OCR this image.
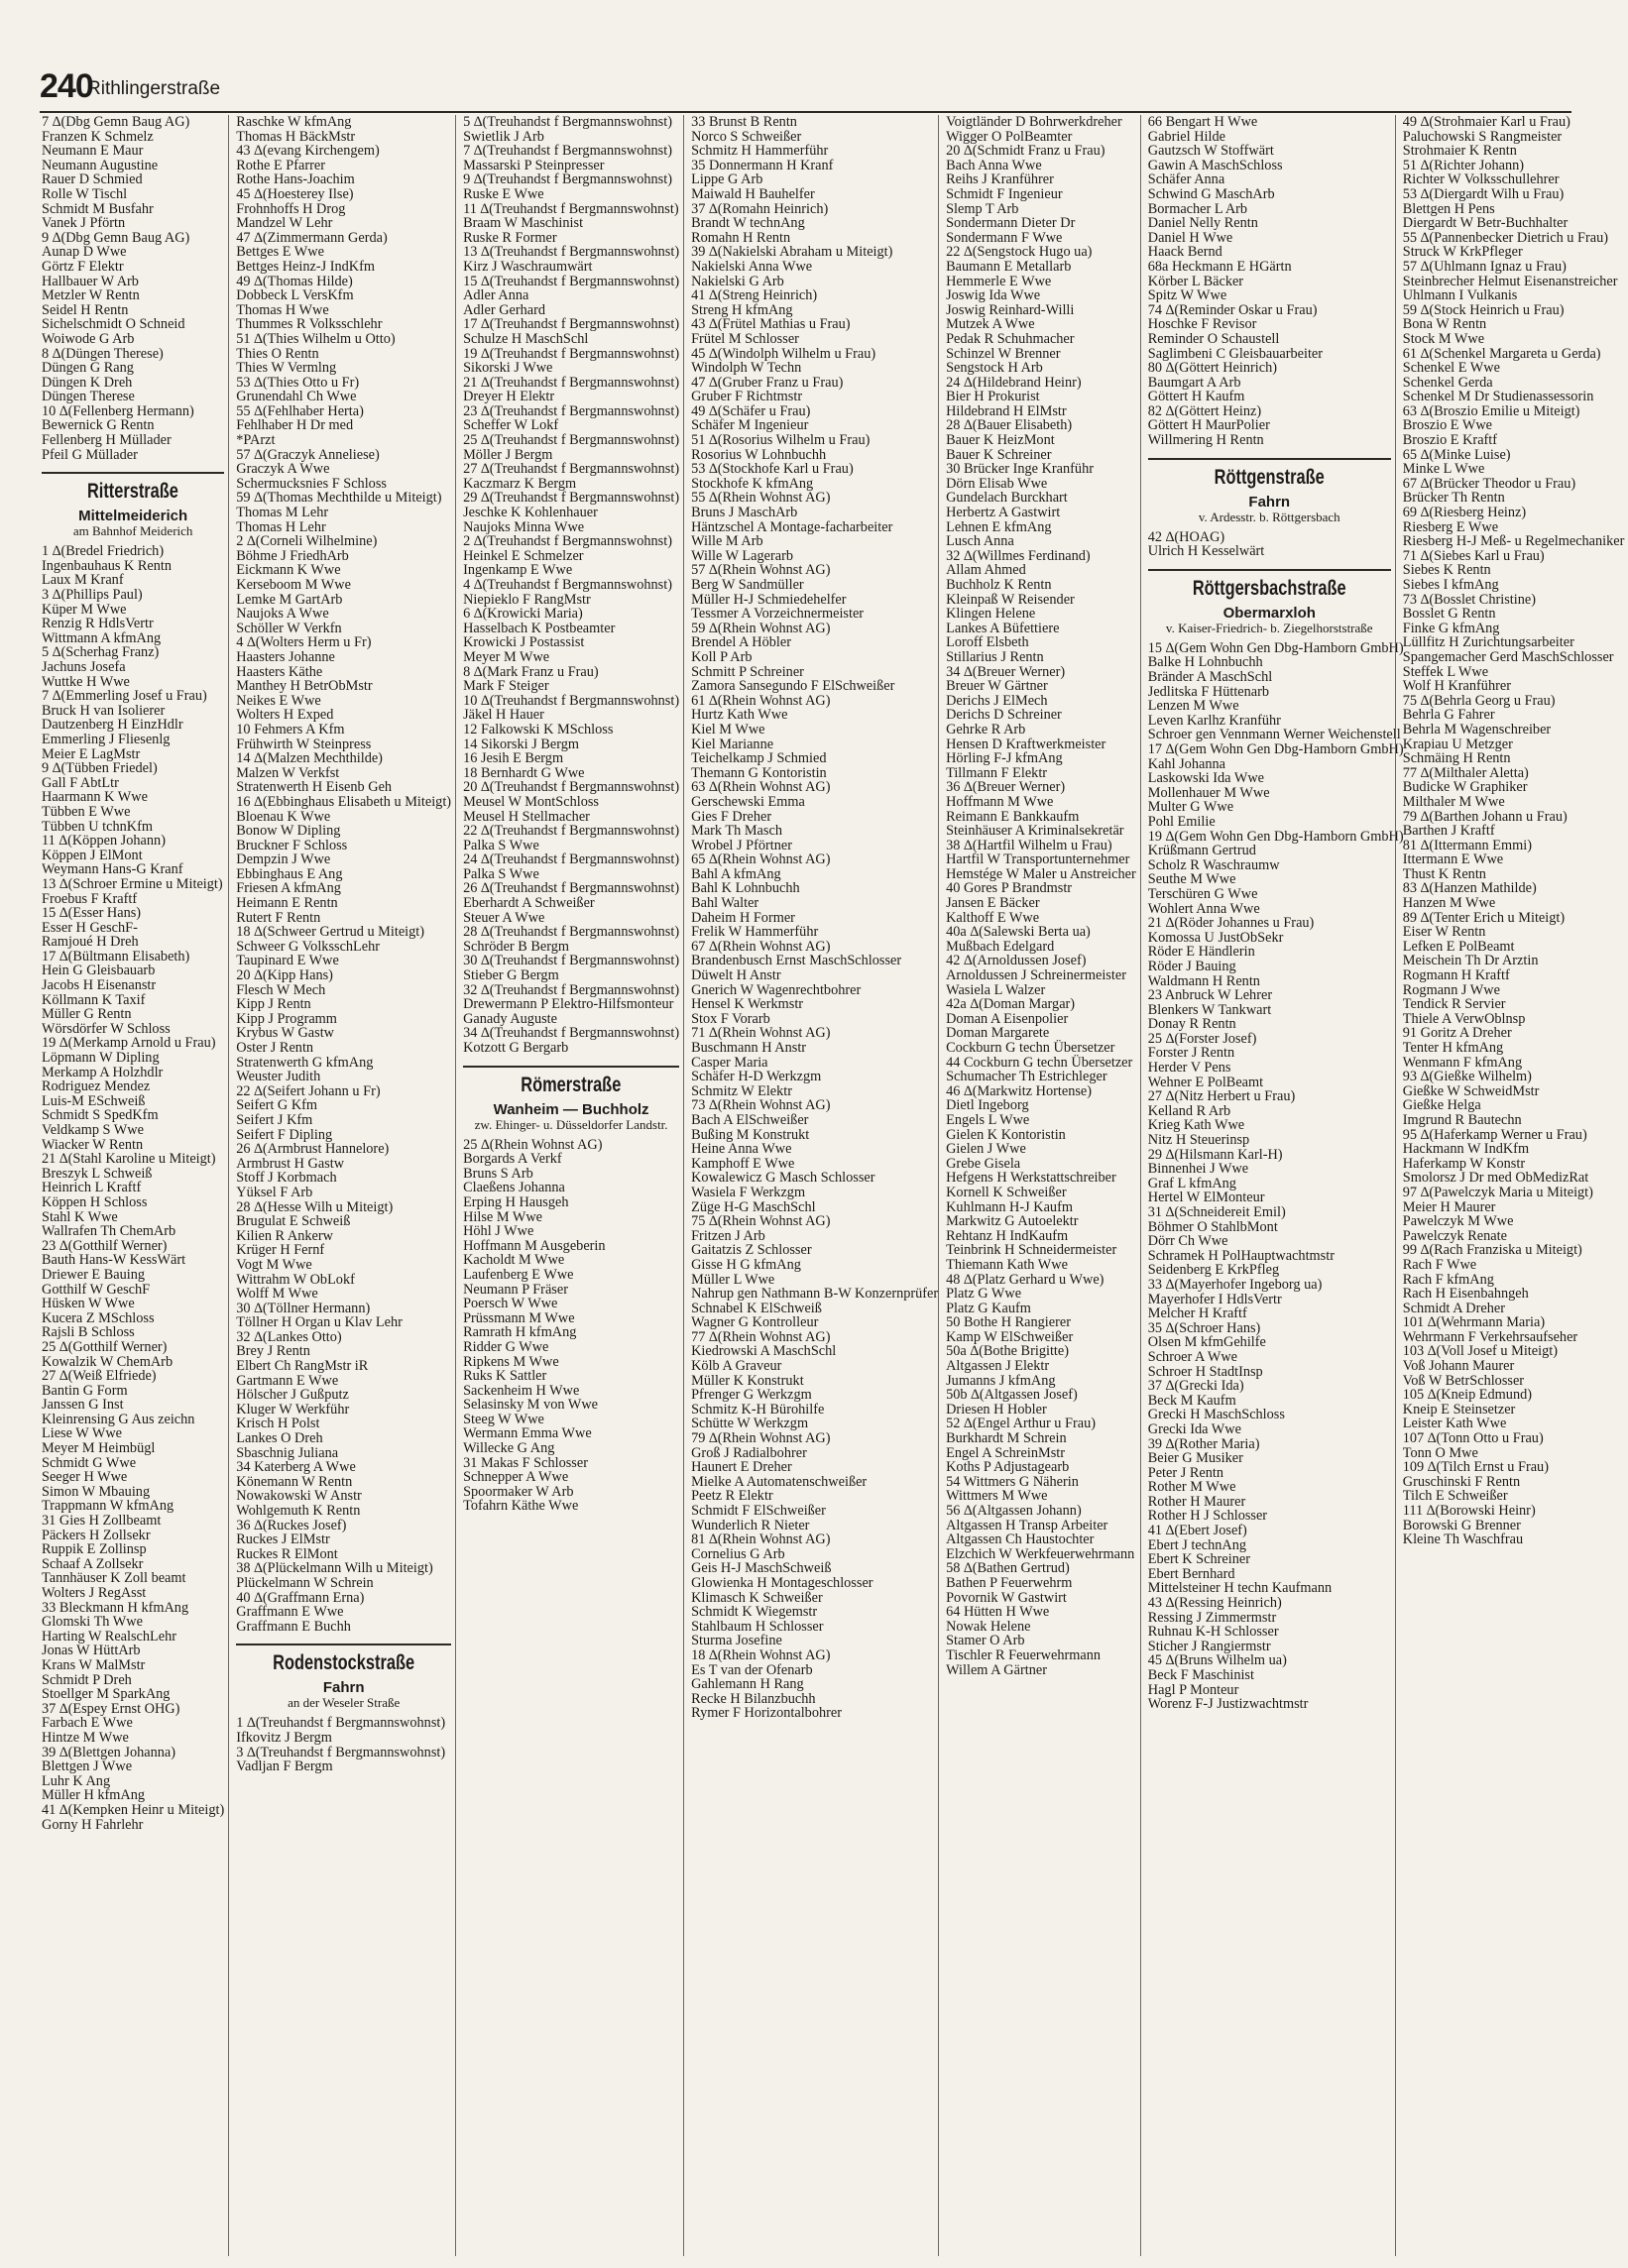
240
Rithlingerstraße
7 ∆(Dbg Gemn Baug AG)
Franzen K Schmelz
Neumann E Maur
Neumann Augustine
Rauer D Schmied
Rolle W Tischl
Schmidt M Busfahr
Vanek J Pförtn
9 ∆(Dbg Gemn Baug AG)
Aunap D Wwe
Görtz F Elektr
Hallbauer W Arb
Metzler W Rentn
Seidel H Rentn
Sichelschmidt O Schneid
Woiwode G Arb
8 ∆(Düngen Therese)
Düngen G Rang
Düngen K Dreh
Düngen Therese
10 ∆(Fellenberg Hermann)
Bewernick G Rentn
Fellenberg H Müllader
Pfeil G Müllader
Ritterstraße
Mittelmeiderich
am Bahnhof Meiderich
1 ∆(Bredel Friedrich)
Ingenbauhaus K Rentn
Laux M Kranf
3 ∆(Phillips Paul)
Küper M Wwe
Renzig R HdlsVertr
Wittmann A kfmAng
5 ∆(Scherhag Franz)
Jachuns Josefa
Wuttke H Wwe
7 ∆(Emmerling Josef u Frau)
Bruck H van Isolierer
Dautzenberg H EinzHdlr
Emmerling J Fliesenlg
Meier E LagMstr
9 ∆(Tübben Friedel)
Gall F AbtLtr
Haarmann K Wwe
Tübben E Wwe
Tübben U tchnKfm
11 ∆(Köppen Johann)
Köppen J ElMont
Weymann Hans-G Kranf
13 ∆(Schroer Ermine u Miteigt)
Froebus F Kraftf
15 ∆(Esser Hans)
Esser H GeschF-
Ramjoué H Dreh
17 ∆(Bültmann Elisabeth)
Hein G Gleisbauarb
Jacobs H Eisenanstr
Köllmann K Taxif
Müller G Rentn
Wörsdörfer W Schloss
19 ∆(Merkamp Arnold u Frau)
Löpmann W Dipling
Merkamp A Holzhdlr
Rodriguez Mendez
Luis-M ESchweiß
Schmidt S SpedKfm
Veldkamp S Wwe
Wiacker W Rentn
21 ∆(Stahl Karoline u Miteigt)
Breszyk L Schweiß
Heinrich L Kraftf
Köppen H Schloss
Stahl K Wwe
Wallrafen Th ChemArb
23 ∆(Gotthilf Werner)
Bauth Hans-W KessWärt
Driewer E Bauing
Gotthilf W GeschF
Hüsken W Wwe
Kucera Z MSchloss
Rajsli B Schloss
25 ∆(Gotthilf Werner)
Kowalzik W ChemArb
27 ∆(Weiß Elfriede)
Bantin G Form
Janssen G Inst
Kleinrensing G Aus zeichn
Liese W Wwe
Meyer M Heimbügl
Schmidt G Wwe
Seeger H Wwe
Simon W Mbauing
Trappmann W kfmAng
31 Gies H Zollbeamt
Päckers H Zollsekr
Ruppik E Zollinsp
Schaaf A Zollsekr
Tannhäuser K Zoll beamt
Wolters J RegAsst
33 Bleckmann H kfmAng
Glomski Th Wwe
Harting W RealschLehr
Jonas W HüttArb
Krans W MalMstr
Schmidt P Dreh
Stoellger M SparkAng
37 ∆(Espey Ernst OHG)
Farbach E Wwe
Hintze M Wwe
39 ∆(Blettgen Johanna)
Blettgen J Wwe
Luhr K Ang
Müller H kfmAng
41 ∆(Kempken Heinr u Miteigt)
Gorny H Fahrlehr
Raschke W kfmAng
Thomas H BäckMstr
43 ∆(evang Kirchengem)
Rothe E Pfarrer
Rothe Hans-Joachim
45 ∆(Hoesterey Ilse)
Frohnhoffs H Drog
Mandzel W Lehr
47 ∆(Zimmermann Gerda)
Bettges E Wwe
Bettges Heinz-J IndKfm
49 ∆(Thomas Hilde)
Dobbeck L VersKfm
Thomas H Wwe
Thummes R Volksschlehr
51 ∆(Thies Wilhelm u Otto)
Thies O Rentn
Thies W Vermlng
53 ∆(Thies Otto u Fr)
Grunendahl Ch Wwe
55 ∆(Fehlhaber Herta)
Fehlhaber H Dr med
*PArzt
57 ∆(Graczyk Anneliese)
Graczyk A Wwe
Schermucksnies F Schloss
59 ∆(Thomas Mechthilde u Miteigt)
Thomas M Lehr
Thomas H Lehr
2 ∆(Corneli Wilhelmine)
Böhme J FriedhArb
Eickmann K Wwe
Kerseboom M Wwe
Lemke M GartArb
Naujoks A Wwe
Schöller W Verkfn
4 ∆(Wolters Herm u Fr)
Haasters Johanne
Haasters Käthe
Manthey H BetrObMstr
Neikes E Wwe
Wolters H Exped
10 Fehmers A Kfm
Frühwirth W Steinpress
14 ∆(Malzen Mechthilde)
Malzen W Verkfst
Stratenwerth H Eisenb Geh
16 ∆(Ebbinghaus Elisabeth u Miteigt)
Bloenau K Wwe
Bonow W Dipling
Bruckner F Schloss
Dempzin J Wwe
Ebbinghaus E Ang
Friesen A kfmAng
Heimann E Rentn
Rutert F Rentn
18 ∆(Schweer Gertrud u Miteigt)
Schweer G VolksschLehr
Taupinard E Wwe
20 ∆(Kipp Hans)
Flesch W Mech
Kipp J Rentn
Kipp J Programm
Krybus W Gastw
Oster J Rentn
Stratenwerth G kfmAng
Weuster Judith
22 ∆(Seifert Johann u Fr)
Seifert G Kfm
Seifert J Kfm
Seifert F Dipling
26 ∆(Armbrust Hannelore)
Armbrust H Gastw
Stoff J Korbmach
Yüksel F Arb
28 ∆(Hesse Wilh u Miteigt)
Brugulat E Schweiß
Kilien R Ankerw
Krüger H Fernf
Vogt M Wwe
Wittrahm W ObLokf
Wolff M Wwe
30 ∆(Töllner Hermann)
Töllner H Organ u Klav Lehr
32 ∆(Lankes Otto)
Brey J Rentn
Elbert Ch RangMstr iR
Gartmann E Wwe
Hölscher J Gußputz
Kluger W Werkführ
Krisch H Polst
Lankes O Dreh
Sbaschnig Juliana
34 Katerberg A Wwe
Könemann W Rentn
Nowakowski W Anstr
Wohlgemuth K Rentn
36 ∆(Ruckes Josef)
Ruckes J ElMstr
Ruckes R ElMont
38 ∆(Plückelmann Wilh u Miteigt)
Plückelmann W Schrein
40 ∆(Graffmann Erna)
Graffmann E Wwe
Graffmann E Buchh
Rodenstockstraße
Fahrn
an der Weseler Straße
1 ∆(Treuhandst f Bergmannswohnst)
Ifkovitz J Bergm
3 ∆(Treuhandst f Bergmannswohnst)
Vadljan F Bergm
5 ∆(Treuhandst f Bergmannswohnst)
Swietlik J Arb
7 ∆(Treuhandst f Bergmannswohnst)
Massarski P Steinpresser
9 ∆(Treuhandst f Bergmannswohnst)
Ruske E Wwe
11 ∆(Treuhandst f Bergmannswohnst)
Braam W Maschinist
Ruske R Former
13 ∆(Treuhandst f Bergmannswohnst)
Kirz J Waschraumwärt
15 ∆(Treuhandst f Bergmannswohnst)
Adler Anna
Adler Gerhard
17 ∆(Treuhandst f Bergmannswohnst)
Schulze H MaschSchl
19 ∆(Treuhandst f Bergmannswohnst)
Sikorski J Wwe
21 ∆(Treuhandst f Bergmannswohnst)
Dreyer H Elektr
23 ∆(Treuhandst f Bergmannswohnst)
Scheffer W Lokf
25 ∆(Treuhandst f Bergmannswohnst)
Möller J Bergm
27 ∆(Treuhandst f Bergmannswohnst)
Kaczmarz K Bergm
29 ∆(Treuhandst f Bergmannswohnst)
Jeschke K Kohlenhauer
Naujoks Minna Wwe
2 ∆(Treuhandst f Bergmannswohnst)
Heinkel E Schmelzer
Ingenkamp E Wwe
4 ∆(Treuhandst f Bergmannswohnst)
Niepieklo F RangMstr
6 ∆(Krowicki Maria)
Hasselbach K Postbeamter
Krowicki J Postassist
Meyer M Wwe
8 ∆(Mark Franz u Frau)
Mark F Steiger
10 ∆(Treuhandst f Bergmannswohnst)
Jäkel H Hauer
12 Falkowski K MSchloss
14 Sikorski J Bergm
16 Jesih E Bergm
18 Bernhardt G Wwe
20 ∆(Treuhandst f Bergmannswohnst)
Meusel W MontSchloss
Meusel H Stellmacher
22 ∆(Treuhandst f Bergmannswohnst)
Palka S Wwe
24 ∆(Treuhandst f Bergmannswohnst)
Palka S Wwe
26 ∆(Treuhandst f Bergmannswohnst)
Eberhardt A Schweißer
Steuer A Wwe
28 ∆(Treuhandst f Bergmannswohnst)
Schröder B Bergm
30 ∆(Treuhandst f Bergmannswohnst)
Stieber G Bergm
32 ∆(Treuhandst f Bergmannswohnst)
Drewermann P Elektro-Hilfsmonteur
Ganady Auguste
34 ∆(Treuhandst f Bergmannswohnst)
Kotzott G Bergarb
Römerstraße
Wanheim — Buchholz
zw. Ehinger- u. Düsseldorfer Landstr.
25 ∆(Rhein Wohnst AG)
Borgards A Verkf
Bruns S Arb
Claeßens Johanna
Erping H Hausgeh
Hilse M Wwe
Höhl J Wwe
Hoffmann M Ausgeberin
Kacholdt M Wwe
Laufenberg E Wwe
Neumann P Fräser
Poersch W Wwe
Prüssmann M Wwe
Ramrath H kfmAng
Ridder G Wwe
Ripkens M Wwe
Ruks K Sattler
Sackenheim H Wwe
Selasinsky M von Wwe
Steeg W Wwe
Wermann Emma Wwe
Willecke G Ang
31 Makas F Schlosser
Schnepper A Wwe
Spoormaker W Arb
Tofahrn Käthe Wwe
33 Brunst B Rentn
Norco S Schweißer
Schmitz H Hammerführ
35 Donnermann H Kranf
Lippe G Arb
Maiwald H Bauhelfer
37 ∆(Romahn Heinrich)
Brandt W technAng
Romahn H Rentn
39 ∆(Nakielski Abraham u Miteigt)
Nakielski Anna Wwe
Nakielski G Arb
41 ∆(Streng Heinrich)
Streng H kfmAng
43 ∆(Frütel Mathias u Frau)
Frütel M Schlosser
45 ∆(Windolph Wilhelm u Frau)
Windolph W Techn
47 ∆(Gruber Franz u Frau)
Gruber F Richtmstr
49 ∆(Schäfer u Frau)
Schäfer M Ingenieur
51 ∆(Rosorius Wilhelm u Frau)
Rosorius W Lohnbuchh
53 ∆(Stockhofe Karl u Frau)
Stockhofe K kfmAng
55 ∆(Rhein Wohnst AG)
Bruns J MaschArb
Häntzschel A Montage-facharbeiter
Wille M Arb
Wille W Lagerarb
57 ∆(Rhein Wohnst AG)
Berg W Sandmüller
Müller H-J Schmiedehelfer
Tessmer A Vorzeichnermeister
59 ∆(Rhein Wohnst AG)
Brendel A Höbler
Koll P Arb
Schmitt P Schreiner
Zamora Sansegundo F ElSchweißer
61 ∆(Rhein Wohnst AG)
Hurtz Kath Wwe
Kiel M Wwe
Kiel Marianne
Teichelkamp J Schmied
Themann G Kontoristin
63 ∆(Rhein Wohnst AG)
Gerschewski Emma
Gies F Dreher
Mark Th Masch
Wrobel J Pförtner
65 ∆(Rhein Wohnst AG)
Bahl A kfmAng
Bahl K Lohnbuchh
Bahl Walter
Daheim H Former
Frelik W Hammerführ
67 ∆(Rhein Wohnst AG)
Brandenbusch Ernst MaschSchlosser
Düwelt H Anstr
Gnerich W Wagenrechtbohrer
Hensel K Werkmstr
Stox F Vorarb
71 ∆(Rhein Wohnst AG)
Buschmann H Anstr
Casper Maria
Schäfer H-D Werkzgm
Schmitz W Elektr
73 ∆(Rhein Wohnst AG)
Bach A ElSchweißer
Bußing M Konstrukt
Heine Anna Wwe
Kamphoff E Wwe
Kowalewicz G Masch Schlosser
Wasiela F Werkzgm
Züge H-G MaschSchl
75 ∆(Rhein Wohnst AG)
Fritzen J Arb
Gaitatzis Z Schlosser
Gisse H G kfmAng
Müller L Wwe
Nahrup gen Nathmann B-W Konzernprüfer
Schnabel K ElSchweiß
Wagner G Kontrolleur
77 ∆(Rhein Wohnst AG)
Kiedrowski A MaschSchl
Kölb A Graveur
Müller K Konstrukt
Pfrenger G Werkzgm
Schmitz K-H Bürohilfe
Schütte W Werkzgm
79 ∆(Rhein Wohnst AG)
Groß J Radialbohrer
Haunert E Dreher
Mielke A Automatenschweißer
Peetz R Elektr
Schmidt F ElSchweißer
Wunderlich R Nieter
81 ∆(Rhein Wohnst AG)
Cornelius G Arb
Geis H-J MaschSchweiß
Glowienka H Montageschlosser
Klimasch K Schweißer
Schmidt K Wiegemstr
Stahlbaum H Schlosser
Sturma Josefine
18 ∆(Rhein Wohnst AG)
Es T van der Ofenarb
Gahlemann H Rang
Recke H Bilanzbuchh
Rymer F Horizontalbohrer
Voigtländer D Bohrwerkdreher
Wigger O PolBeamter
20 ∆(Schmidt Franz u Frau)
Bach Anna Wwe
Reihs J Kranführer
Schmidt F Ingenieur
Slemp T Arb
Sondermann Dieter Dr
Sondermann F Wwe
22 ∆(Sengstock Hugo ua)
Baumann E Metallarb
Hemmerle E Wwe
Joswig Ida Wwe
Joswig Reinhard-Willi
Mutzek A Wwe
Pedak R Schuhmacher
Schinzel W Brenner
Sengstock H Arb
24 ∆(Hildebrand Heinr)
Bier H Prokurist
Hildebrand H ElMstr
28 ∆(Bauer Elisabeth)
Bauer K HeizMont
Bauer K Schreiner
30 Brücker Inge Kranführ
Dörn Elisab Wwe
Gundelach Burckhart
Herbertz A Gastwirt
Lehnen E kfmAng
Lusch Anna
32 ∆(Willmes Ferdinand)
Allam Ahmed
Buchholz K Rentn
Kleinpaß W Reisender
Klingen Helene
Lankes A Büfettiere
Loroff Elsbeth
Stillarius J Rentn
34 ∆(Breuer Werner)
Breuer W Gärtner
Derichs J ElMech
Derichs D Schreiner
Gehrke R Arb
Hensen D Kraftwerkmeister
Hörling F-J kfmAng
Tillmann F Elektr
36 ∆(Breuer Werner)
Hoffmann M Wwe
Reimann E Bankkaufm
Steinhäuser A Kriminalsekretär
38 ∆(Hartfil Wilhelm u Frau)
Hartfil W Transportunternehmer
Hemstége W Maler u Anstreicher
40 Gores P Brandmstr
Jansen E Bäcker
Kalthoff E Wwe
40a ∆(Salewski Berta ua)
Mußbach Edelgard
42 ∆(Arnoldussen Josef)
Arnoldussen J Schreinermeister
Wasiela L Walzer
42a ∆(Doman Margar)
Doman A Eisenpolier
Doman Margarete
Cockburn G techn Übersetzer
44 Cockburn G techn Übersetzer
Schumacher Th Estrichleger
46 ∆(Markwitz Hortense)
Dietl Ingeborg
Engels L Wwe
Gielen K Kontoristin
Gielen J Wwe
Grebe Gisela
Hefgens H Werkstattschreiber
Kornell K Schweißer
Kuhlmann H-J Kaufm
Markwitz G Autoelektr
Rehtanz H IndKaufm
Teinbrink H Schneidermeister
Thiemann Kath Wwe
48 ∆(Platz Gerhard u Wwe)
Platz G Wwe
Platz G Kaufm
50 Bothe H Rangierer
Kamp W ElSchweißer
50a ∆(Bothe Brigitte)
Altgassen J Elektr
Jumanns J kfmAng
50b ∆(Altgassen Josef)
Driesen H Hobler
52 ∆(Engel Arthur u Frau)
Burkhardt M Schrein
Engel A SchreinMstr
Koths P Adjustagearb
54 Wittmers G Näherin
Wittmers M Wwe
56 ∆(Altgassen Johann)
Altgassen H Transp Arbeiter
Altgassen Ch Haustochter
Elzchich W Werkfeuerwehrmann
58 ∆(Bathen Gertrud)
Bathen P Feuerwehrm
Povornik W Gastwirt
64 Hütten H Wwe
Nowak Helene
Stamer O Arb
Tischler R Feuerwehrmann
Willem A Gärtner
66 Bengart H Wwe
Gabriel Hilde
Gautzsch W Stoffwärt
Gawin A MaschSchloss
Schäfer Anna
Schwind G MaschArb
Bormacher L Arb
Daniel Nelly Rentn
Daniel H Wwe
Haack Bernd
68a Heckmann E HGärtn
Körber L Bäcker
Spitz W Wwe
74 ∆(Reminder Oskar u Frau)
Hoschke F Revisor
Reminder O Schaustell
Saglimbeni C Gleisbauarbeiter
80 ∆(Göttert Heinrich)
Baumgart A Arb
Göttert H Kaufm
82 ∆(Göttert Heinz)
Göttert H MaurPolier
Willmering H Rentn
Röttgenstraße
Fahrn
v. Ardesstr. b. Röttgersbach
42 ∆(HOAG)
Ulrich H Kesselwärt
Röttgersbachstraße
Obermarxloh
v. Kaiser-Friedrich- b. Ziegelhorststraße
15 ∆(Gem Wohn Gen Dbg-Hamborn GmbH)
Balke H Lohnbuchh
Bränder A MaschSchl
Jedlitska F Hüttenarb
Lenzen M Wwe
Leven Karlhz Kranführ
Schroer gen Vennmann Werner Weichenstell
17 ∆(Gem Wohn Gen Dbg-Hamborn GmbH)
Kahl Johanna
Laskowski Ida Wwe
Mollenhauer M Wwe
Multer G Wwe
Pohl Emilie
19 ∆(Gem Wohn Gen Dbg-Hamborn GmbH)
Krüßmann Gertrud
Scholz R Waschraumw
Seuthe M Wwe
Terschüren G Wwe
Wohlert Anna Wwe
21 ∆(Röder Johannes u Frau)
Komossa U JustObSekr
Röder E Händlerin
Röder J Bauing
Waldmann H Rentn
23 Anbruck W Lehrer
Blenkers W Tankwart
Donay R Rentn
25 ∆(Forster Josef)
Forster J Rentn
Herder V Pens
Wehner E PolBeamt
27 ∆(Nitz Herbert u Frau)
Kelland R Arb
Krieg Kath Wwe
Nitz H Steuerinsp
29 ∆(Hilsmann Karl-H)
Binnenhei J Wwe
Graf L kfmAng
Hertel W ElMonteur
31 ∆(Schneidereit Emil)
Böhmer O StahlbMont
Dörr Ch Wwe
Schramek H PolHauptwachtmstr
Seidenberg E KrkPfleg
33 ∆(Mayerhofer Ingeborg ua)
Mayerhofer I HdlsVertr
Melcher H Kraftf
35 ∆(Schroer Hans)
Olsen M kfmGehilfe
Schroer A Wwe
Schroer H StadtInsp
37 ∆(Grecki Ida)
Beck M Kaufm
Grecki H MaschSchloss
Grecki Ida Wwe
39 ∆(Rother Maria)
Beier G Musiker
Peter J Rentn
Rother M Wwe
Rother H Maurer
Rother H J Schlosser
41 ∆(Ebert Josef)
Ebert J technAng
Ebert K Schreiner
Ebert Bernhard
Mittelsteiner H techn Kaufmann
43 ∆(Ressing Heinrich)
Ressing J Zimmermstr
Ruhnau K-H Schlosser
Sticher J Rangiermstr
45 ∆(Bruns Wilhelm ua)
Beck F Maschinist
Hagl P Monteur
Worenz F-J Justizwachtmstr
49 ∆(Strohmaier Karl u Frau)
Paluchowski S Rangmeister
Strohmaier K Rentn
51 ∆(Richter Johann)
Richter W Volksschullehrer
53 ∆(Diergardt Wilh u Frau)
Blettgen H Pens
Diergardt W Betr-Buchhalter
55 ∆(Pannenbecker Dietrich u Frau)
Struck W KrkPfleger
57 ∆(Uhlmann Ignaz u Frau)
Steinbrecher Helmut Eisenanstreicher
Uhlmann I Vulkanis
59 ∆(Stock Heinrich u Frau)
Bona W Rentn
Stock M Wwe
61 ∆(Schenkel Margareta u Gerda)
Schenkel E Wwe
Schenkel Gerda
Schenkel M Dr Studienassessorin
63 ∆(Broszio Emilie u Miteigt)
Broszio E Wwe
Broszio E Kraftf
65 ∆(Minke Luise)
Minke L Wwe
67 ∆(Brücker Theodor u Frau)
Brücker Th Rentn
69 ∆(Riesberg Heinz)
Riesberg E Wwe
Riesberg H-J Meß- u Regelmechaniker
71 ∆(Siebes Karl u Frau)
Siebes K Rentn
Siebes I kfmAng
73 ∆(Bosslet Christine)
Bosslet G Rentn
Finke G kfmAng
Lüllfitz H Zurichtungsarbeiter
Spangemacher Gerd MaschSchlosser
Steffek L Wwe
Wolf H Kranführer
75 ∆(Behrla Georg u Frau)
Behrla G Fahrer
Behrla M Wagenschreiber
Krapiau U Metzger
Schmäing H Rentn
77 ∆(Milthaler Aletta)
Budicke W Graphiker
Milthaler M Wwe
79 ∆(Barthen Johann u Frau)
Barthen J Kraftf
81 ∆(Ittermann Emmi)
Ittermann E Wwe
Thust K Rentn
83 ∆(Hanzen Mathilde)
Hanzen M Wwe
89 ∆(Tenter Erich u Miteigt)
Eiser W Rentn
Lefken E PolBeamt
Meischein Th Dr Arztin
Rogmann H Kraftf
Rogmann J Wwe
Tendick R Servier
Thiele A VerwOblnsp
91 Goritz A Dreher
Tenter H kfmAng
Wenmann F kfmAng
93 ∆(Gießke Wilhelm)
Gießke W SchweidMstr
Gießke Helga
Imgrund R Bautechn
95 ∆(Haferkamp Werner u Frau)
Hackmann W IndKfm
Haferkamp W Konstr
Smolorsz J Dr med ObMedizRat
97 ∆(Pawelczyk Maria u Miteigt)
Meier H Maurer
Pawelczyk M Wwe
Pawelczyk Renate
99 ∆(Rach Franziska u Miteigt)
Rach F Wwe
Rach F kfmAng
Rach H Eisenbahngeh
Schmidt A Dreher
101 ∆(Wehrmann Maria)
Wehrmann F Verkehrsaufseher
103 ∆(Voll Josef u Miteigt)
Voß Johann Maurer
Voß W BetrSchlosser
105 ∆(Kneip Edmund)
Kneip E Steinsetzer
Leister Kath Wwe
107 ∆(Tonn Otto u Frau)
Tonn O Mwe
109 ∆(Tilch Ernst u Frau)
Gruschinski F Rentn
Tilch E Schweißer
111 ∆(Borowski Heinr)
Borowski G Brenner
Kleine Th Waschfrau
